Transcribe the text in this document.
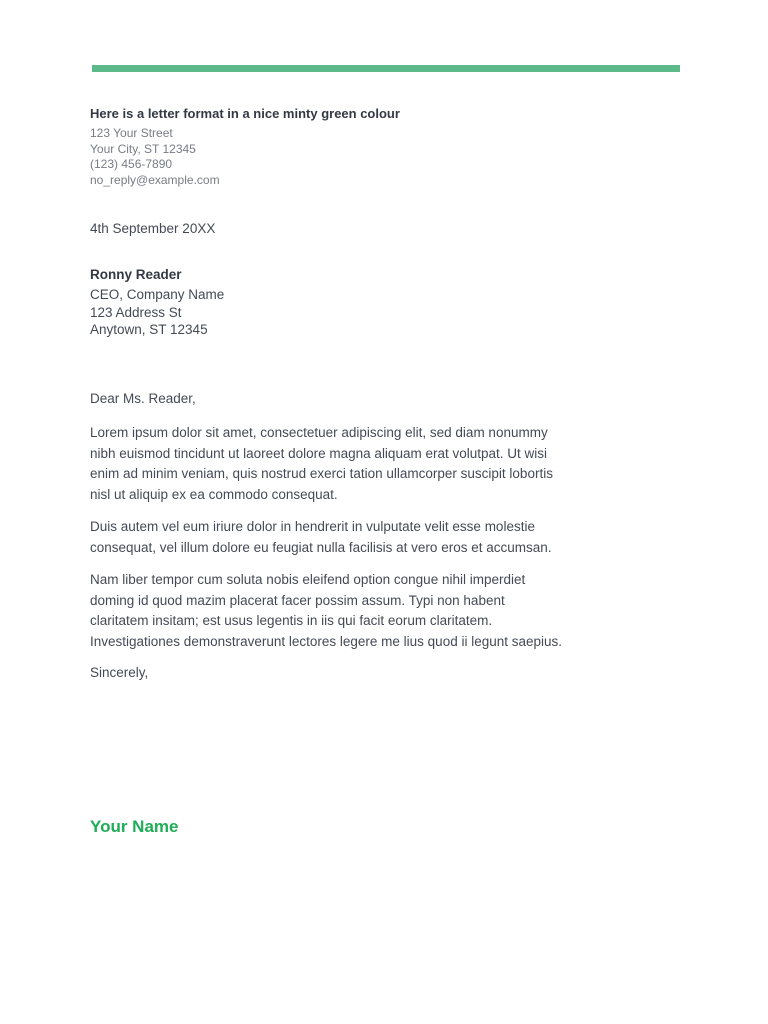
Here is a letter format in a nice minty green colour
123 Your Street
Your City, ST 12345
(123) 456-7890
no_reply@example.com
4th September 20XX
Ronny Reader
CEO, Company Name
123 Address St
Anytown, ST 12345

Dear Ms. Reader,

Lorem ipsum dolor sit amet, consectetuer adipiscing elit, sed diam nonummy nibh euismod tincidunt ut laoreet dolore magna aliquam erat volutpat. Ut wisi enim ad minim veniam, quis nostrud exerci tation ullamcorper suscipit lobortis nisl ut aliquip ex ea commodo consequat.

Duis autem vel eum iriure dolor in hendrerit in vulputate velit esse molestie consequat, vel illum dolore eu feugiat nulla facilisis at vero eros et accumsan.

Nam liber tempor cum soluta nobis eleifend option congue nihil imperdiet doming id quod mazim placerat facer possim assum. Typi non habent claritatem insitam; est usus legentis in iis qui facit eorum claritatem. Investigationes demonstraverunt lectores legere me lius quod ii legunt saepius.

Sincerely,

Your Name
